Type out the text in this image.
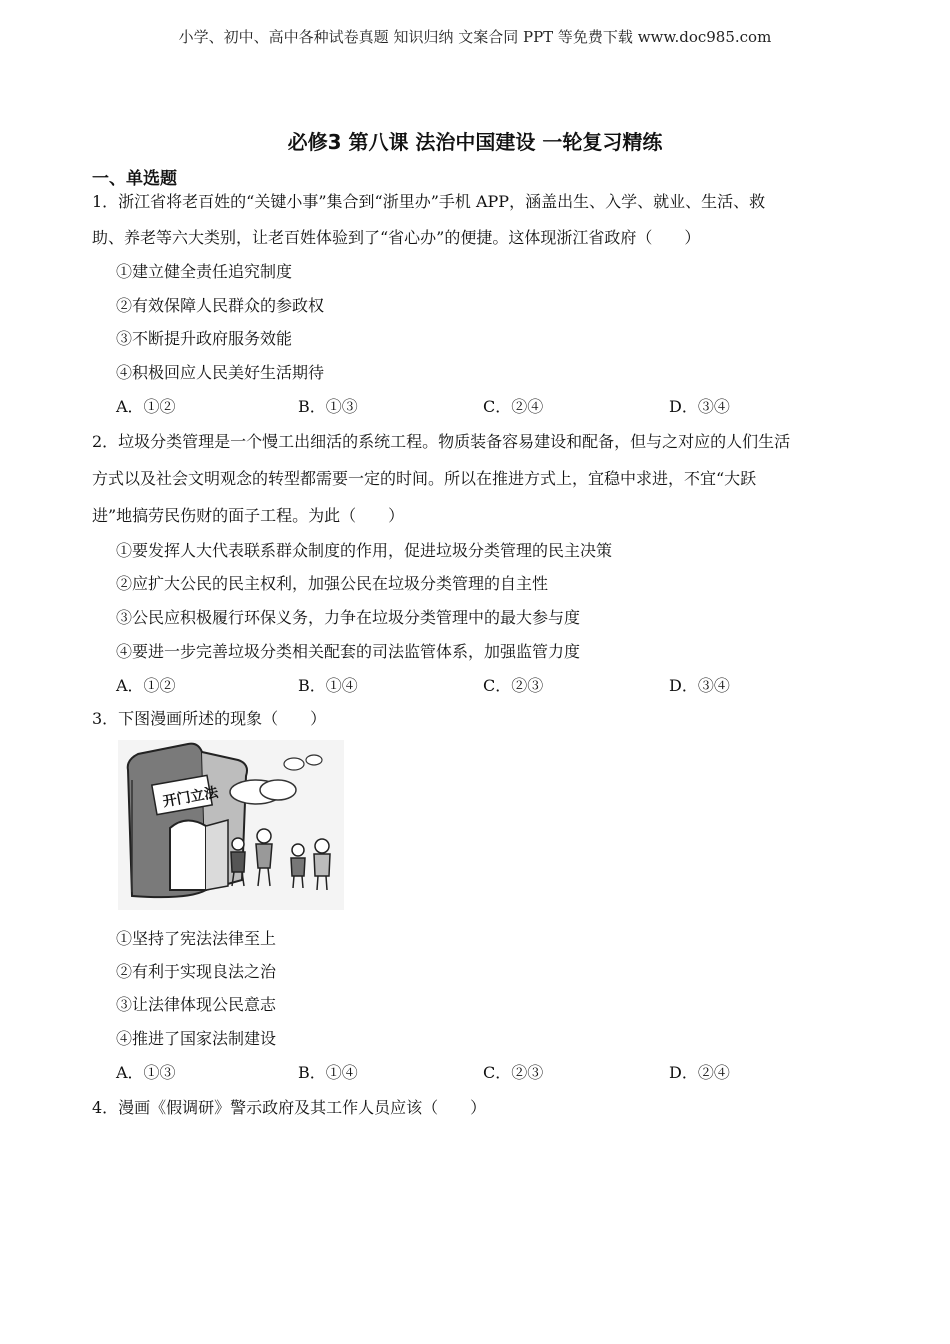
小学、初中、高中各种试卷真题 知识归纳 文案合同 PPT 等免费下载 www.doc985.com
必修3 第八课 法治中国建设 一轮复习精练
一、单选题
1．浙江省将老百姓的“关键小事”集合到“浙里办”手机 APP，涵盖出生、入学、就业、生活、救
助、养老等六大类别，让老百姓体验到了“省心办”的便捷。这体现浙江省政府（　　）
①建立健全责任追究制度
②有效保障人民群众的参政权
③不断提升政府服务效能
④积极回应人民美好生活期待
A．①②	B．①③	C．②④	D．③④
2．垃圾分类管理是一个慢工出细活的系统工程。物质装备容易建设和配备，但与之对应的人们生活
方式以及社会文明观念的转型都需要一定的时间。所以在推进方式上，宜稳中求进，不宜“大跃
进”地搞劳民伤财的面子工程。为此（　　）
①要发挥人大代表联系群众制度的作用，促进垃圾分类管理的民主决策
②应扩大公民的民主权利，加强公民在垃圾分类管理的自主性
③公民应积极履行环保义务，力争在垃圾分类管理中的最大参与度
④要进一步完善垃圾分类相关配套的司法监管体系，加强监管力度
A．①②	B．①④	C．②③	D．③④
3．下图漫画所述的现象（　　）
开门立法
①坚持了宪法法律至上
②有利于实现良法之治
③让法律体现公民意志
④推进了国家法制建设
A．①③	B．①④	C．②③	D．②④
4．漫画《假调研》警示政府及其工作人员应该（　　）
